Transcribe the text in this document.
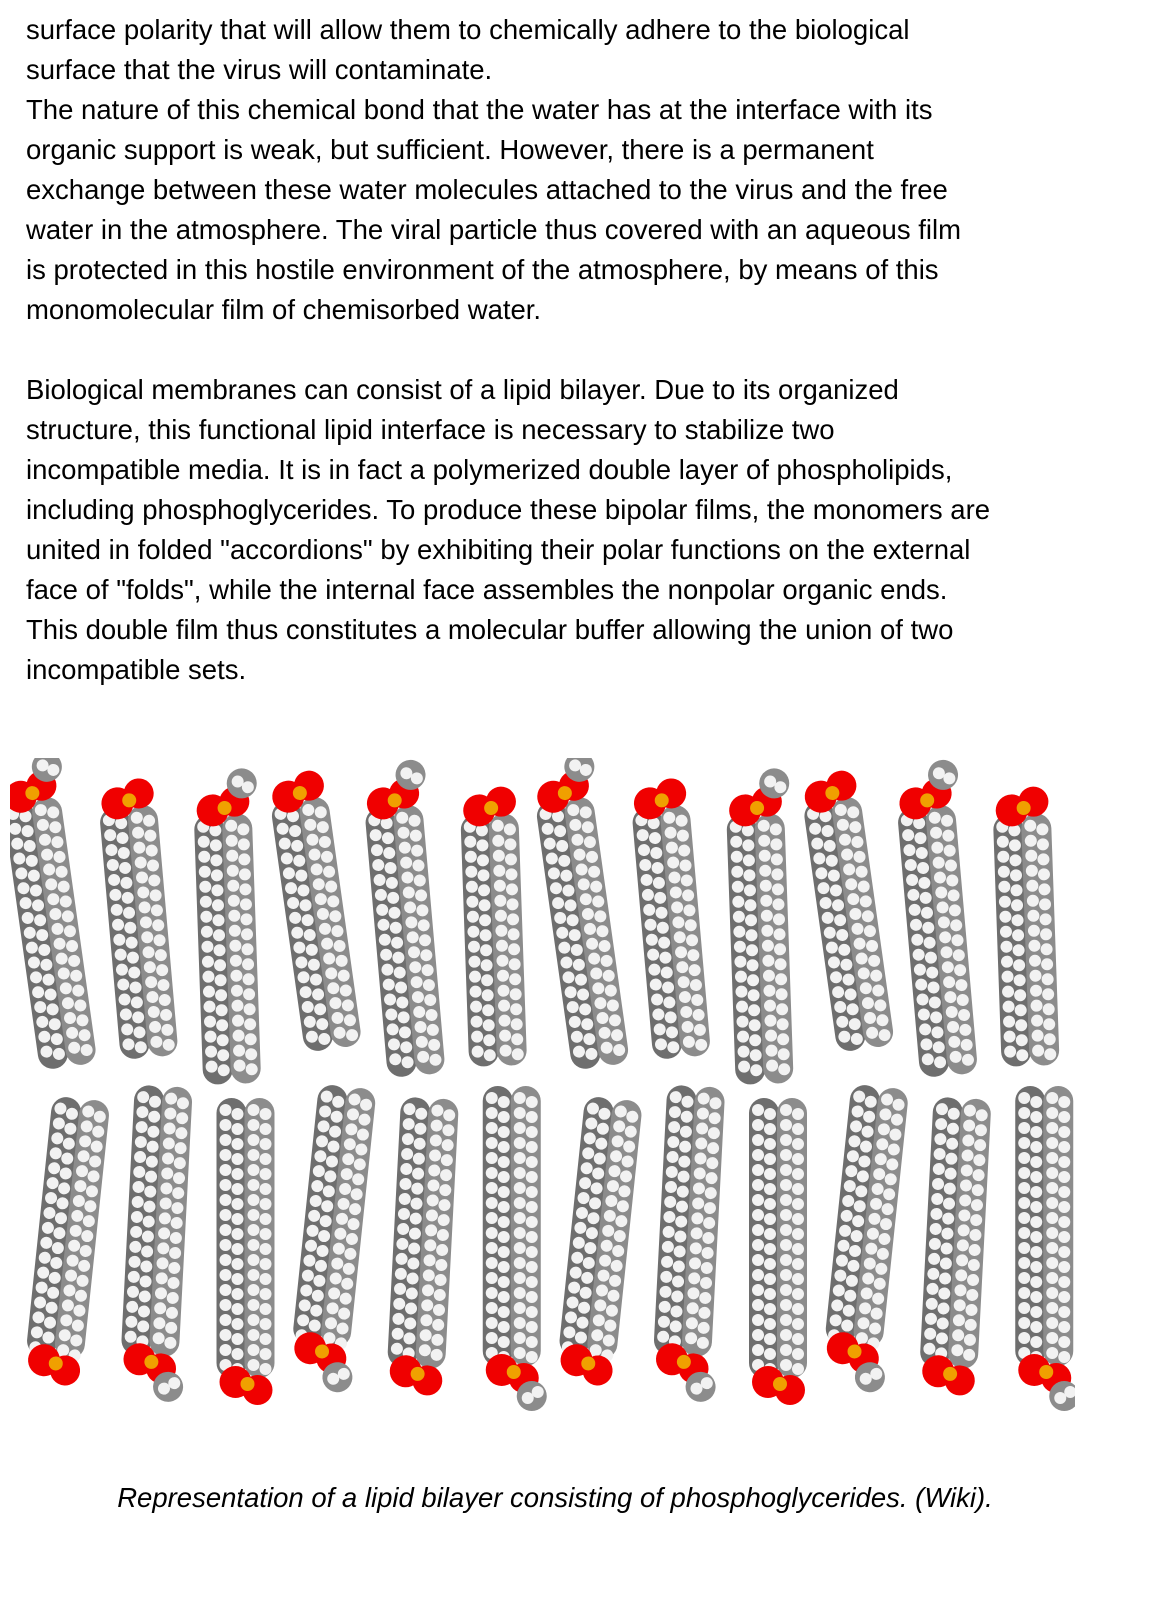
surface polarity that will allow them to chemically adhere to the biological
surface that the virus will contaminate.
The nature of this chemical bond that the water has at the interface with its
organic support is weak, but sufficient. However, there is a permanent
exchange between these water molecules attached to the virus and the free
water in the atmosphere. The viral particle thus covered with an aqueous film
is protected in this hostile environment of the atmosphere, by means of this
monomolecular film of chemisorbed water.
Biological membranes can consist of a lipid bilayer. Due to its organized
structure, this functional lipid interface is necessary to stabilize two
incompatible media. It is in fact a polymerized double layer of phospholipids,
including phosphoglycerides. To produce these bipolar films, the monomers are
united in folded "accordions" by exhibiting their polar functions on the external
face of "folds", while the internal face assembles the nonpolar organic ends.
This double film thus constitutes a molecular buffer allowing the union of two
incompatible sets.
Representation of a lipid bilayer consisting of phosphoglycerides. (Wiki).
